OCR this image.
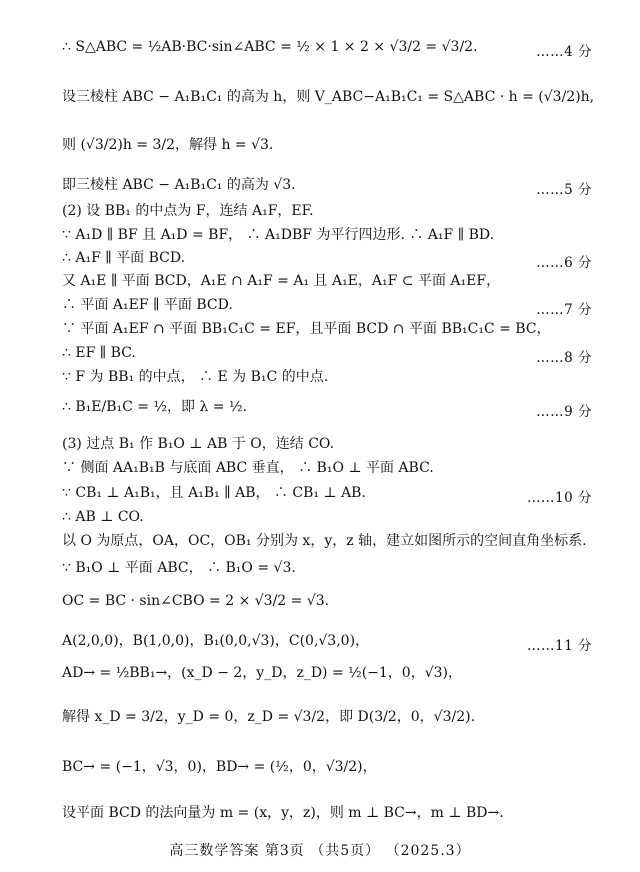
∴ S△ABC = ½AB·BC·sin∠ABC = ½ × 1 × 2 × √3/2 = √3/2.	……4 分
设三棱柱 ABC − A₁B₁C₁ 的高为 h，则 V_ABC−A₁B₁C₁ = S△ABC · h = (√3/2)h,
则 (√3/2)h = 3/2，解得 h = √3.
即三棱柱 ABC − A₁B₁C₁ 的高为 √3.	……5 分
(2) 设 BB₁ 的中点为 F，连结 A₁F，EF.
∵ A₁D ∥ BF 且 A₁D = BF， ∴ A₁DBF 为平行四边形. ∴ A₁F ∥ BD.
∴ A₁F ∥ 平面 BCD.	……6 分
又 A₁E ∥ 平面 BCD，A₁E ∩ A₁F = A₁ 且 A₁E，A₁F ⊂ 平面 A₁EF，
∴ 平面 A₁EF ∥ 平面 BCD.	……7 分
∵ 平面 A₁EF ∩ 平面 BB₁C₁C = EF，且平面 BCD ∩ 平面 BB₁C₁C = BC，
∴ EF ∥ BC.	……8 分
∵ F 为 BB₁ 的中点， ∴ E 为 B₁C 的中点.
∴ B₁E/B₁C = ½，即 λ = ½.	……9 分
(3) 过点 B₁ 作 B₁O ⊥ AB 于 O，连结 CO.
∵ 侧面 AA₁B₁B 与底面 ABC 垂直， ∴ B₁O ⊥ 平面 ABC.
∵ CB₁ ⊥ A₁B₁，且 A₁B₁ ∥ AB， ∴ CB₁ ⊥ AB.	……10 分
∴ AB ⊥ CO.
以 O 为原点，OA，OC，OB₁ 分别为 x，y，z 轴，建立如图所示的空间直角坐标系.
∵ B₁O ⊥ 平面 ABC， ∴ B₁O = √3.
OC = BC · sin∠CBO = 2 × √3/2 = √3.
A(2,0,0)，B(1,0,0)，B₁(0,0,√3)，C(0,√3,0)，	……11 分
AD→ = ½BB₁→，(x_D − 2，y_D，z_D) = ½(−1，0，√3)，
解得 x_D = 3/2，y_D = 0，z_D = √3/2，即 D(3/2，0，√3/2).
BC→ = (−1，√3，0)，BD→ = (½，0，√3/2)，
设平面 BCD 的法向量为 m = (x，y，z)，则 m ⊥ BC→，m ⊥ BD→.
高三数学答案 第3页 （共5页） （2025.3）
